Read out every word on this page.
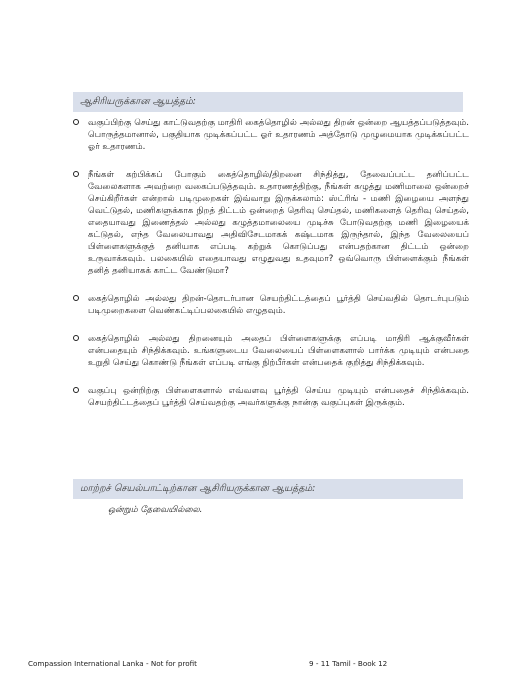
ஆசிரியருக்கான ஆயத்தம்:
வகுப்பிற்கு செய்து காட்டுவதற்கு மாதிரி கைத்தொழில் அல்லது திறன் ஒன்றை ஆயத்தப்படுத்தவும். பொருத்தமானால், பகுதியாக முடிக்கப்பட்ட ஓர் உதாரணம் அத்தோடு முழுமையாக முடிக்கப்பட்ட ஓர் உதாரணம்.
நீங்கள் கற்பிக்கப் போகும் கைத்தொழில்/திறனை சிந்தித்து, தேவைப்பட்ட தனிப்பட்ட வேலைகளாக அவற்றை வகைப்படுத்தவும். உதாரணத்திற்கு, நீங்கள் கழுத்து மணிமாலை ஒன்றைச் செய்கிறீர்கள் என்றால் படிமுறைகள் இவ்வாறு இருக்கலாம்: ஸ்ட்ரிங் - மணி இழையை அளந்து வெட்டுதல், மணிகளுக்காக நிறத் திட்டம் ஒன்றைத் தெரிவு செய்தல், மணிகளைத் தெரிவு செய்தல், எதையாவது இணைத்தல் அல்லது கழுத்தமாலையை முடிச்சு போடுவதற்கு மணி இழையைக் கட்டுதல், எந்த வேலையாவது அதிவிசேடமாகக் கஷ்டமாக இருந்தால், இந்த வேலையைப் பிள்ளைகளுக்குத் தனியாக எப்படி கற்றுக் கொடுப்பது என்பதற்கான திட்டம் ஒன்றை உருவாக்கவும். பலகையில் எதையாவது எழுதுவது உதவுமா? ஒவ்வொரு பிள்ளைக்கும் நீங்கள் தனித் தனியாகக் காட்ட வேண்டுமா?
கைத்தொழில் அல்லது திறன்-தொடர்பான செயற்திட்டத்தைப் பூர்த்தி செய்வதில் தொடர்புபடும் படிமுறைகளை வெண்கட்டிப்பலகையில் எழுதவும்.
கைத்தொழில் அல்லது திறனையும் அதைப் பிள்ளைகளுக்கு எப்படி மாதிரி ஆக்குவீர்கள் என்பதையும் சிந்திக்கவும். உங்களுடைய வேலையைப் பிள்ளைகளால் பார்க்க முடியும் என்பதை உறுதி செய்து கொண்டு நீங்கள் எப்படி எங்கு நிற்பீர்கள் என்பதைக் குறித்து சிந்திக்கவும்.
வகுப்பு ஒன்றிற்கு பிள்ளைகளால் எவ்வளவு பூர்த்தி செய்ய முடியும் என்பதைச் சிந்திக்கவும். செயற்திட்டத்தைப் பூர்த்தி செய்வதற்கு அவர்களுக்கு நான்கு வகுப்புகள் இருக்கும்.
மாற்றச் செயல்பாட்டிற்கான ஆசிரியருக்கான ஆயத்தம்:
ஒன்றும் தேவையில்லை.
Compassion International Lanka - Not for profit	9 - 11 Tamil - Book 12
